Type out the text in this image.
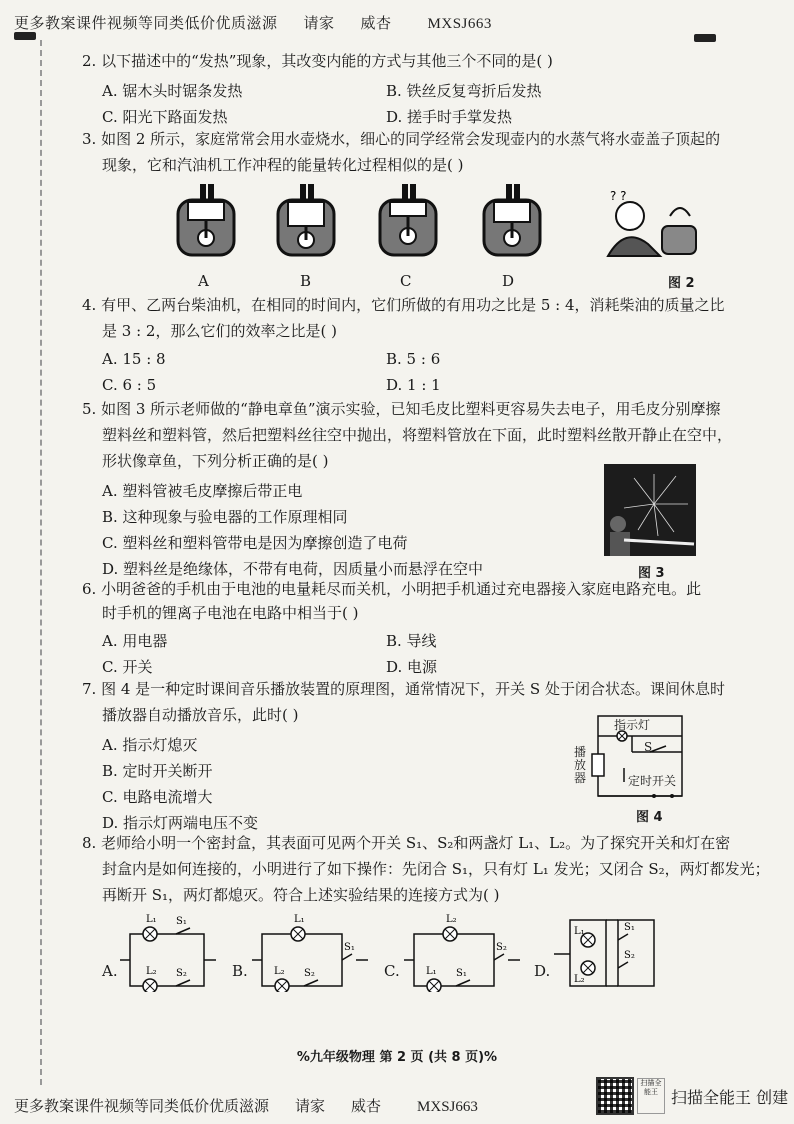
更多教案课件视频等同类低价优质滋源 请家 威杏 MXSJ663
2. 以下描述中的“发热”现象，其改变内能的方式与其他三个不同的是( )
A. 锯木头时锯条发热	B. 铁丝反复弯折后发热
C. 阳光下路面发热	D. 搓手时手掌发热
3. 如图 2 所示，家庭常常会用水壶烧水，细心的同学经常会发现壶内的水蒸气将水壶盖子顶起的
现象，它和汽油机工作冲程的能量转化过程相似的是( )
? ?
A	B	C	D	图 2
4. 有甲、乙两台柴油机，在相同的时间内，它们所做的有用功之比是 5 : 4，消耗柴油的质量之比
是 3 : 2，那么它们的效率之比是( )
A. 15 : 8	B. 5 : 6
C. 6 : 5	D. 1 : 1
5. 如图 3 所示老师做的“静电章鱼”演示实验，已知毛皮比塑料更容易失去电子，用毛皮分别摩擦
塑料丝和塑料管，然后把塑料丝往空中抛出，将塑料管放在下面，此时塑料丝散开静止在空中，
形状像章鱼，下列分析正确的是( )
A. 塑料管被毛皮摩擦后带正电
B. 这种现象与验电器的工作原理相同
C. 塑料丝和塑料管带电是因为摩擦创造了电荷
D. 塑料丝是绝缘体，不带有电荷，因质量小而悬浮在空中	图 3
6. 小明爸爸的手机由于电池的电量耗尽而关机，小明把手机通过充电器接入家庭电路充电。此
时手机的锂离子电池在电路中相当于( )
A. 用电器	B. 导线
C. 开关	D. 电源
7. 图 4 是一种定时课间音乐播放装置的原理图，通常情况下，开关 S 处于闭合状态。课间休息时
播放器自动播放音乐，此时( )
A. 指示灯熄灭
B. 定时开关断开
C. 电路电流增大
D. 指示灯两端电压不变
指示灯
S
播放器	定时开关
图 4
8. 老师给小明一个密封盒，其表面可见两个开关 S₁、S₂和两盏灯 L₁、L₂。为了探究开关和灯在密
封盒内是如何连接的，小明进行了如下操作：先闭合 S₁，只有灯 L₁ 发光；又闭合 S₂，两灯都发光；
再断开 S₁，两灯都熄灭。符合上述实验结果的连接方式为( )
A.	B.	C.	D.
L₁ S₁
L₂ S₂
L₁
S₁
L₂ S₂
L₂
S₂
L₁ S₁
L₁	S₁
L₂
S₂
%九年级物理 第 2 页 (共 8 页)%
更多教案课件视频等同类低价优质滋源 请家 威杏 MXSJ663
扫描全能王 扫描全能王 创建
